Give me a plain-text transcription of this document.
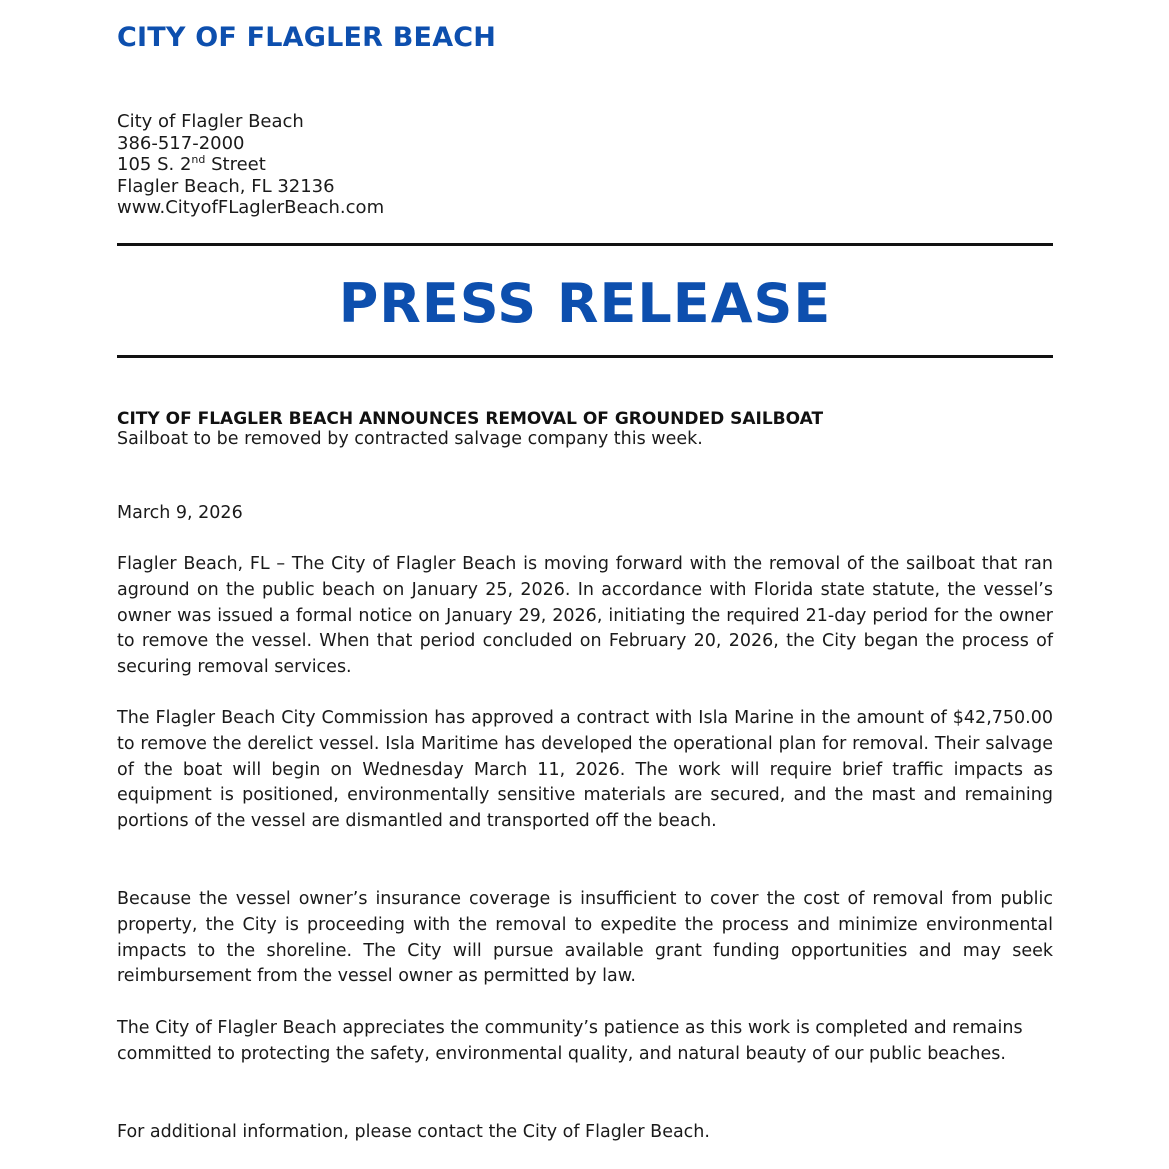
CITY OF FLAGLER BEACH
City of Flagler Beach
386-517-2000
105 S. 2nd Street
Flagler Beach, FL 32136
www.CityofFLaglerBeach.com
PRESS RELEASE
CITY OF FLAGLER BEACH ANNOUNCES REMOVAL OF GROUNDED SAILBOAT
Sailboat to be removed by contracted salvage company this week.
March 9, 2026

Flagler Beach, FL – The City of Flagler Beach is moving forward with the removal of the sailboat that ran aground on the public beach on January 25, 2026. In accordance with Florida state statute, the vessel’s owner was issued a formal notice on January 29, 2026, initiating the required 21-day period for the owner to remove the vessel. When that period concluded on February 20, 2026, the City began the process of securing removal services.

The Flagler Beach City Commission has approved a contract with Isla Marine in the amount of $42,750.00 to remove the derelict vessel. Isla Maritime has developed the operational plan for removal. Their salvage of the boat will begin on Wednesday March 11, 2026. The work will require brief traffic impacts as equipment is positioned, environmentally sensitive materials are secured, and the mast and remaining portions of the vessel are dismantled and transported off the beach.

Because the vessel owner’s insurance coverage is insufficient to cover the cost of removal from public property, the City is proceeding with the removal to expedite the process and minimize environmental impacts to the shoreline. The City will pursue available grant funding opportunities and may seek reimbursement from the vessel owner as permitted by law.

The City of Flagler Beach appreciates the community’s patience as this work is completed and remains committed to protecting the safety, environmental quality, and natural beauty of our public beaches.

For additional information, please contact the City of Flagler Beach.
